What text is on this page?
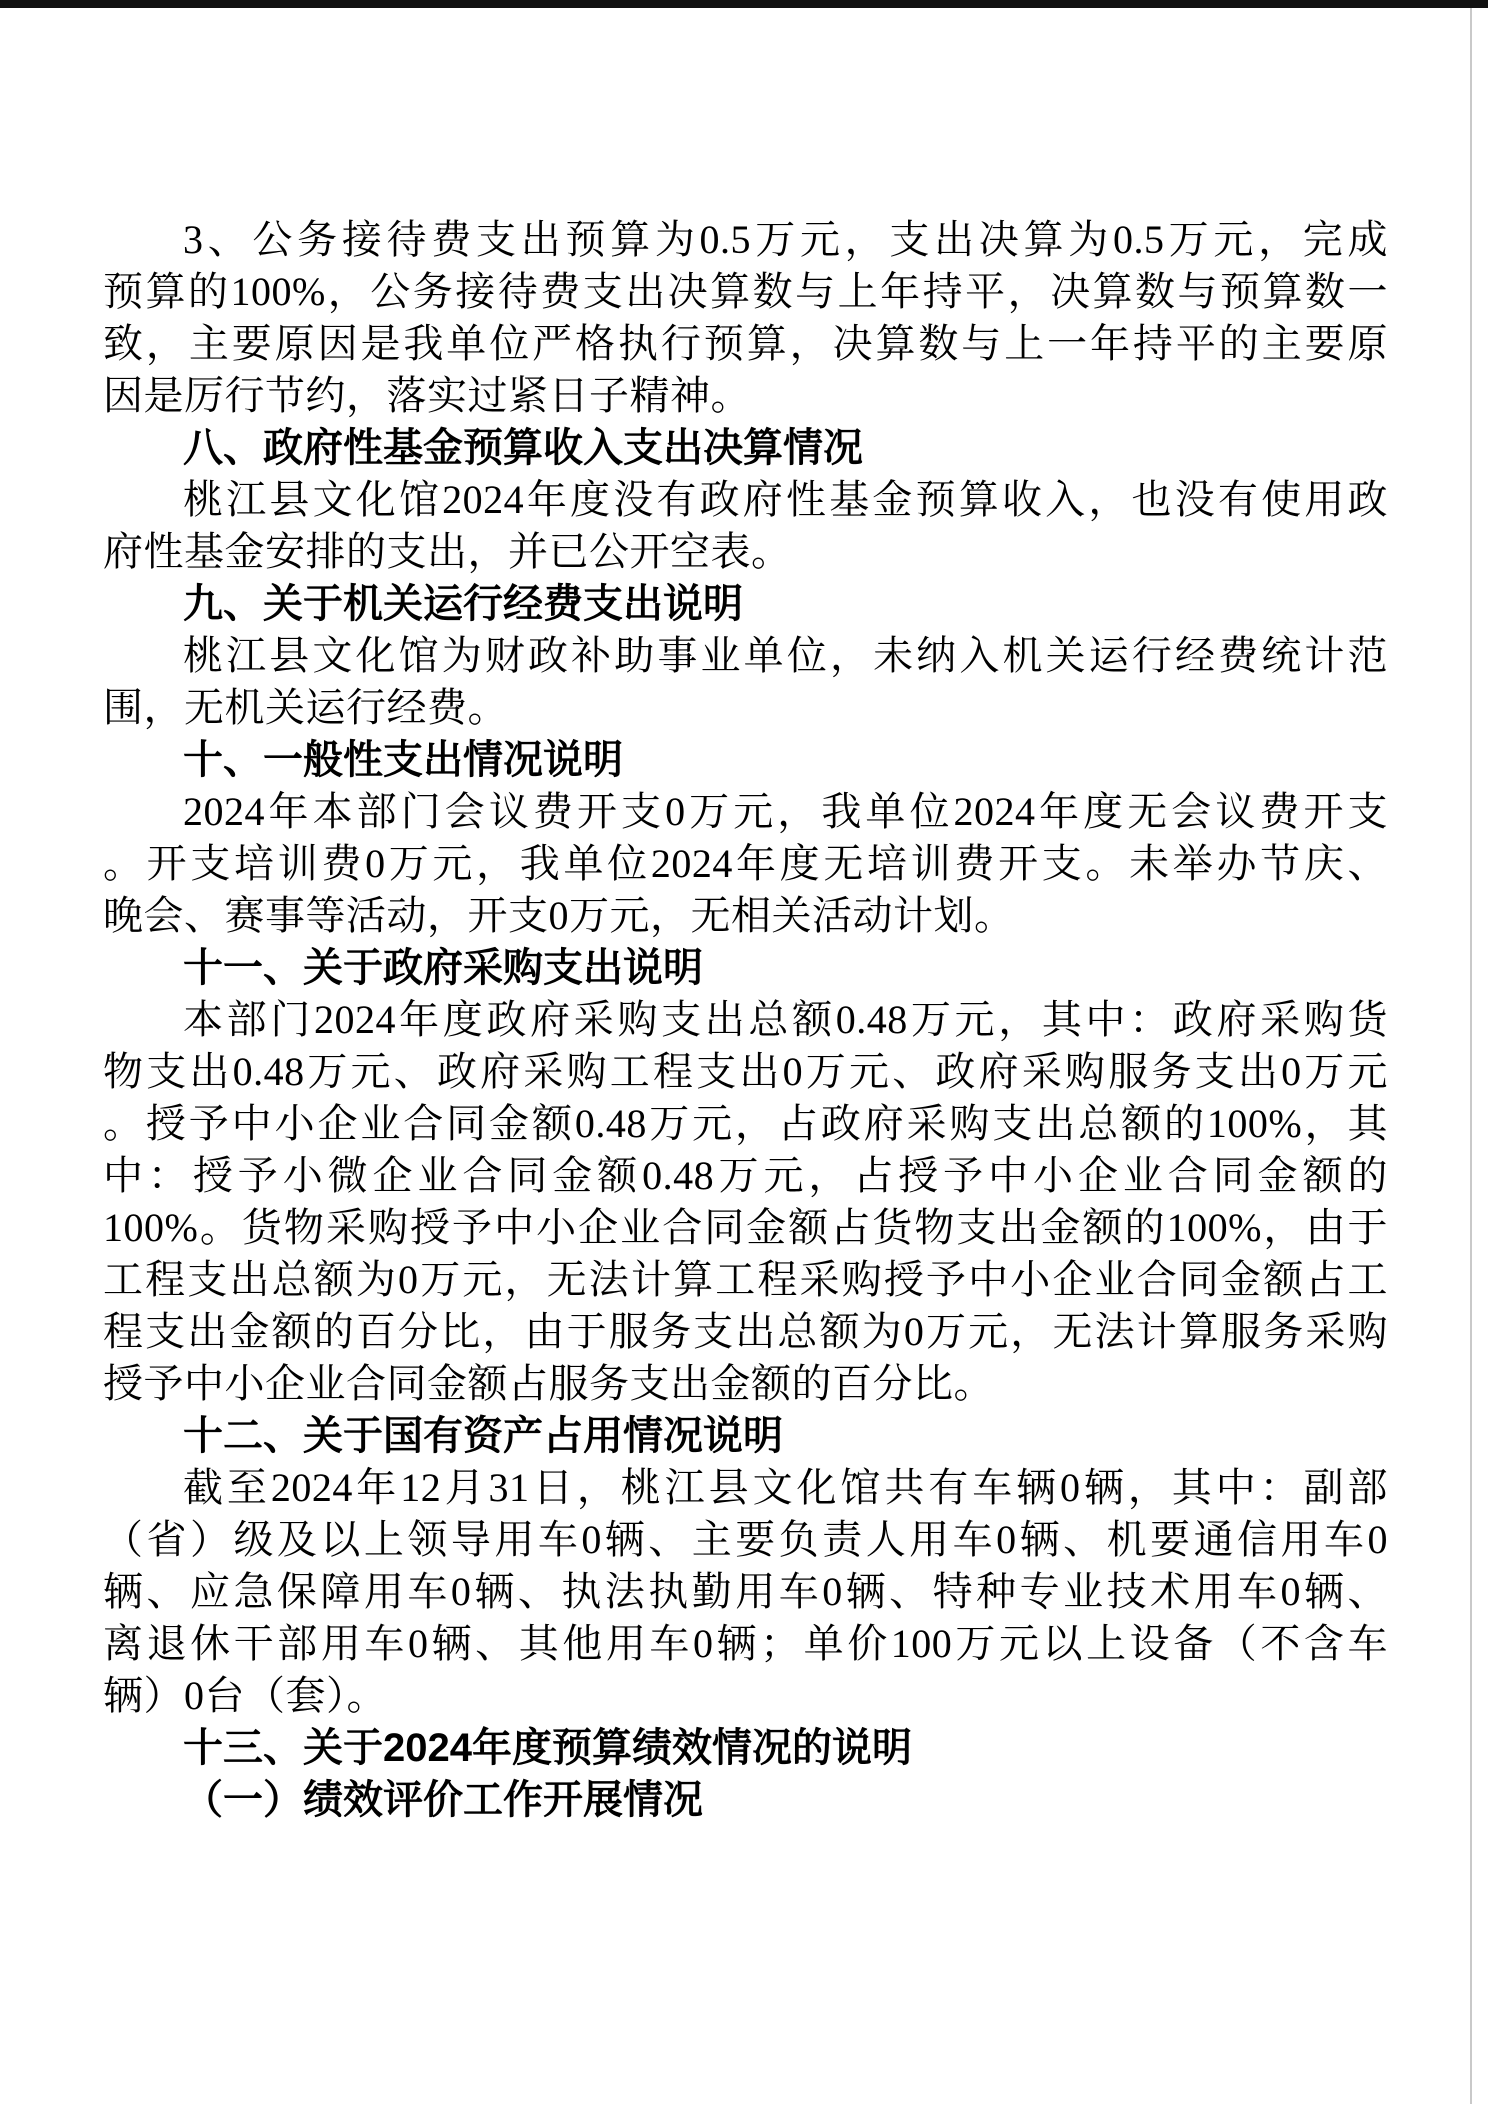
3、公务接待费支出预算为0.5万元，支出决算为0.5万元，完成
预算的100%，公务接待费支出决算数与上年持平，决算数与预算数一
致，主要原因是我单位严格执行预算，决算数与上一年持平的主要原
因是厉行节约，落实过紧日子精神。
八、政府性基金预算收入支出决算情况
桃江县文化馆2024年度没有政府性基金预算收入，也没有使用政
府性基金安排的支出，并已公开空表。
九、关于机关运行经费支出说明
桃江县文化馆为财政补助事业单位，未纳入机关运行经费统计范
围，无机关运行经费。
十、一般性支出情况说明
2024年本部门会议费开支0万元，我单位2024年度无会议费开支
。开支培训费0万元，我单位2024年度无培训费开支。未举办节庆、
晚会、赛事等活动，开支0万元，无相关活动计划。
十一、关于政府采购支出说明
本部门2024年度政府采购支出总额0.48万元，其中：政府采购货
物支出0.48万元、政府采购工程支出0万元、政府采购服务支出0万元
。授予中小企业合同金额0.48万元，占政府采购支出总额的100%，其
中：授予小微企业合同金额0.48万元，占授予中小企业合同金额的
100%。货物采购授予中小企业合同金额占货物支出金额的100%，由于
工程支出总额为0万元，无法计算工程采购授予中小企业合同金额占工
程支出金额的百分比，由于服务支出总额为0万元，无法计算服务采购
授予中小企业合同金额占服务支出金额的百分比。
十二、关于国有资产占用情况说明
截至2024年12月31日，桃江县文化馆共有车辆0辆，其中：副部
（省）级及以上领导用车0辆、主要负责人用车0辆、机要通信用车0
辆、应急保障用车0辆、执法执勤用车0辆、特种专业技术用车0辆、
离退休干部用车0辆、其他用车0辆；单价100万元以上设备（不含车
辆）0台（套）。
十三、关于2024年度预算绩效情况的说明
（一）绩效评价工作开展情况
